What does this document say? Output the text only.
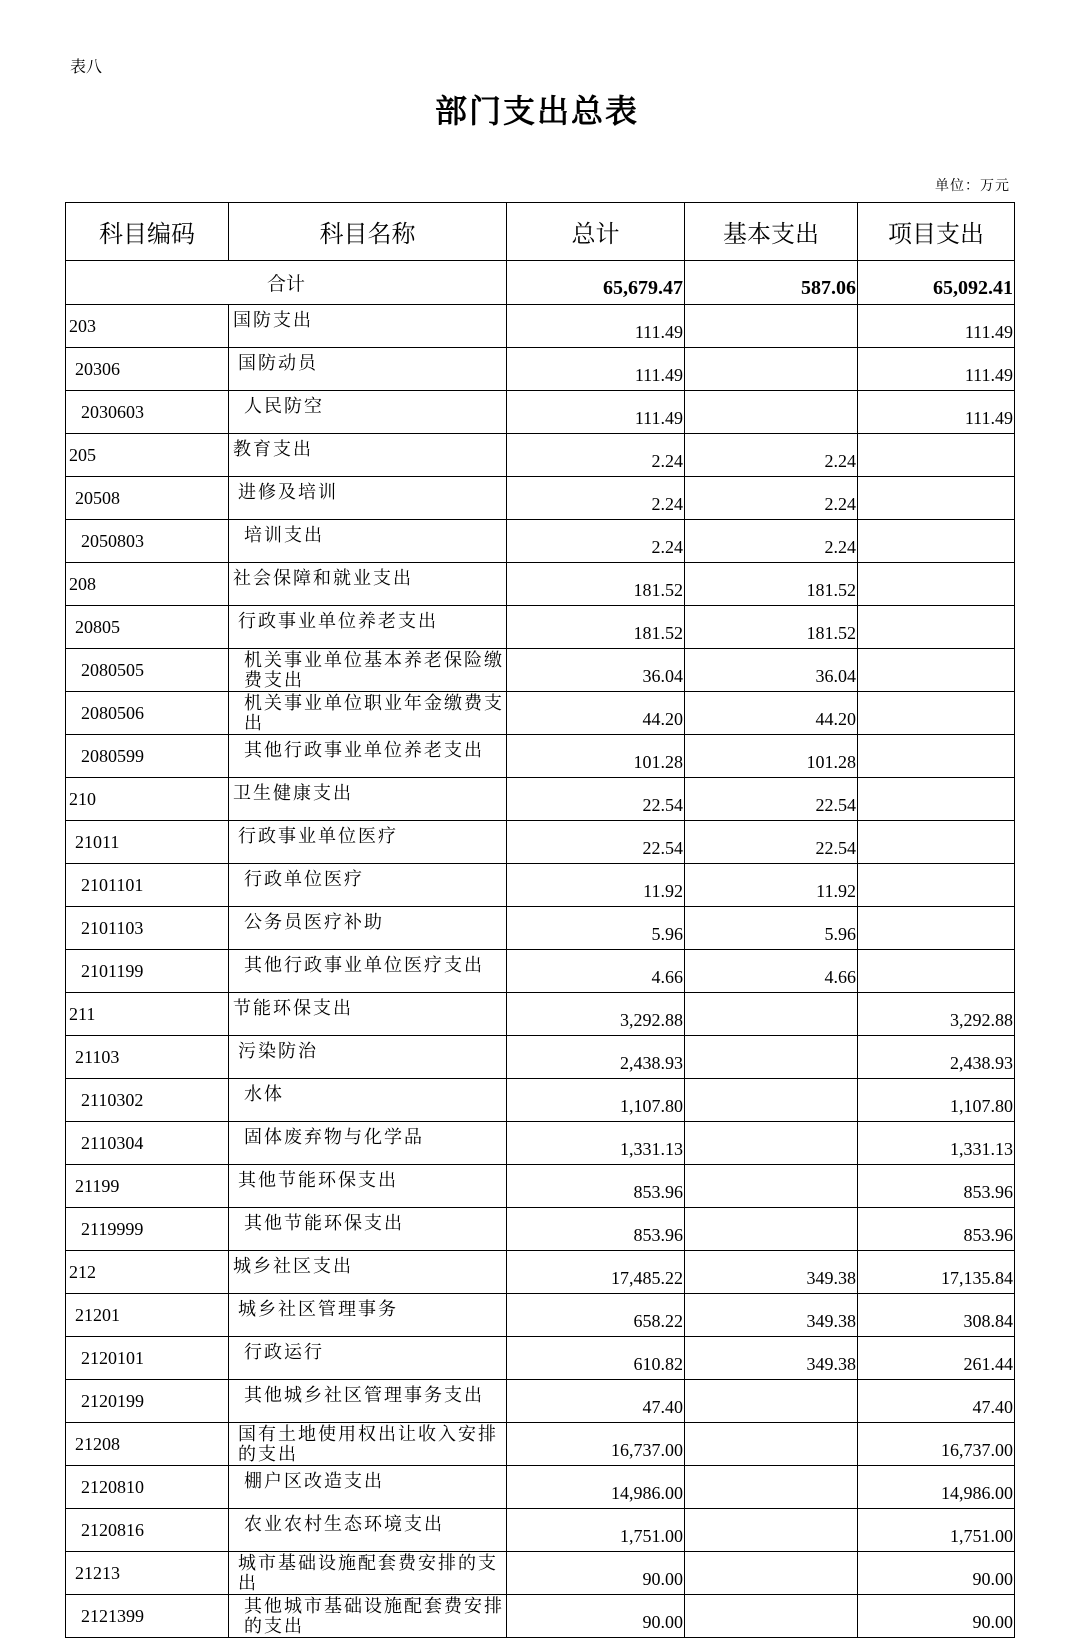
表八
部门支出总表
单位：万元
科目编码	科目名称	总计	基本支出	项目支出
合计		65,679.47	587.06	65,092.41
203	国防支出	111.49		111.49
20306	国防动员	111.49		111.49
2030603	人民防空	111.49		111.49
205	教育支出	2.24	2.24	
20508	进修及培训	2.24	2.24	
2050803	培训支出	2.24	2.24	
208	社会保障和就业支出	181.52	181.52	
20805	行政事业单位养老支出	181.52	181.52	
2080505	机关事业单位基本养老保险缴费支出	36.04	36.04	
2080506	机关事业单位职业年金缴费支出	44.20	44.20	
2080599	其他行政事业单位养老支出	101.28	101.28	
210	卫生健康支出	22.54	22.54	
21011	行政事业单位医疗	22.54	22.54	
2101101	行政单位医疗	11.92	11.92	
2101103	公务员医疗补助	5.96	5.96	
2101199	其他行政事业单位医疗支出	4.66	4.66	
211	节能环保支出	3,292.88		3,292.88
21103	污染防治	2,438.93		2,438.93
2110302	水体	1,107.80		1,107.80
2110304	固体废弃物与化学品	1,331.13		1,331.13
21199	其他节能环保支出	853.96		853.96
2119999	其他节能环保支出	853.96		853.96
212	城乡社区支出	17,485.22	349.38	17,135.84
21201	城乡社区管理事务	658.22	349.38	308.84
2120101	行政运行	610.82	349.38	261.44
2120199	其他城乡社区管理事务支出	47.40		47.40
21208	国有土地使用权出让收入安排的支出	16,737.00		16,737.00
2120810	棚户区改造支出	14,986.00		14,986.00
2120816	农业农村生态环境支出	1,751.00		1,751.00
21213	城市基础设施配套费安排的支出	90.00		90.00
2121399	其他城市基础设施配套费安排的支出	90.00		90.00
